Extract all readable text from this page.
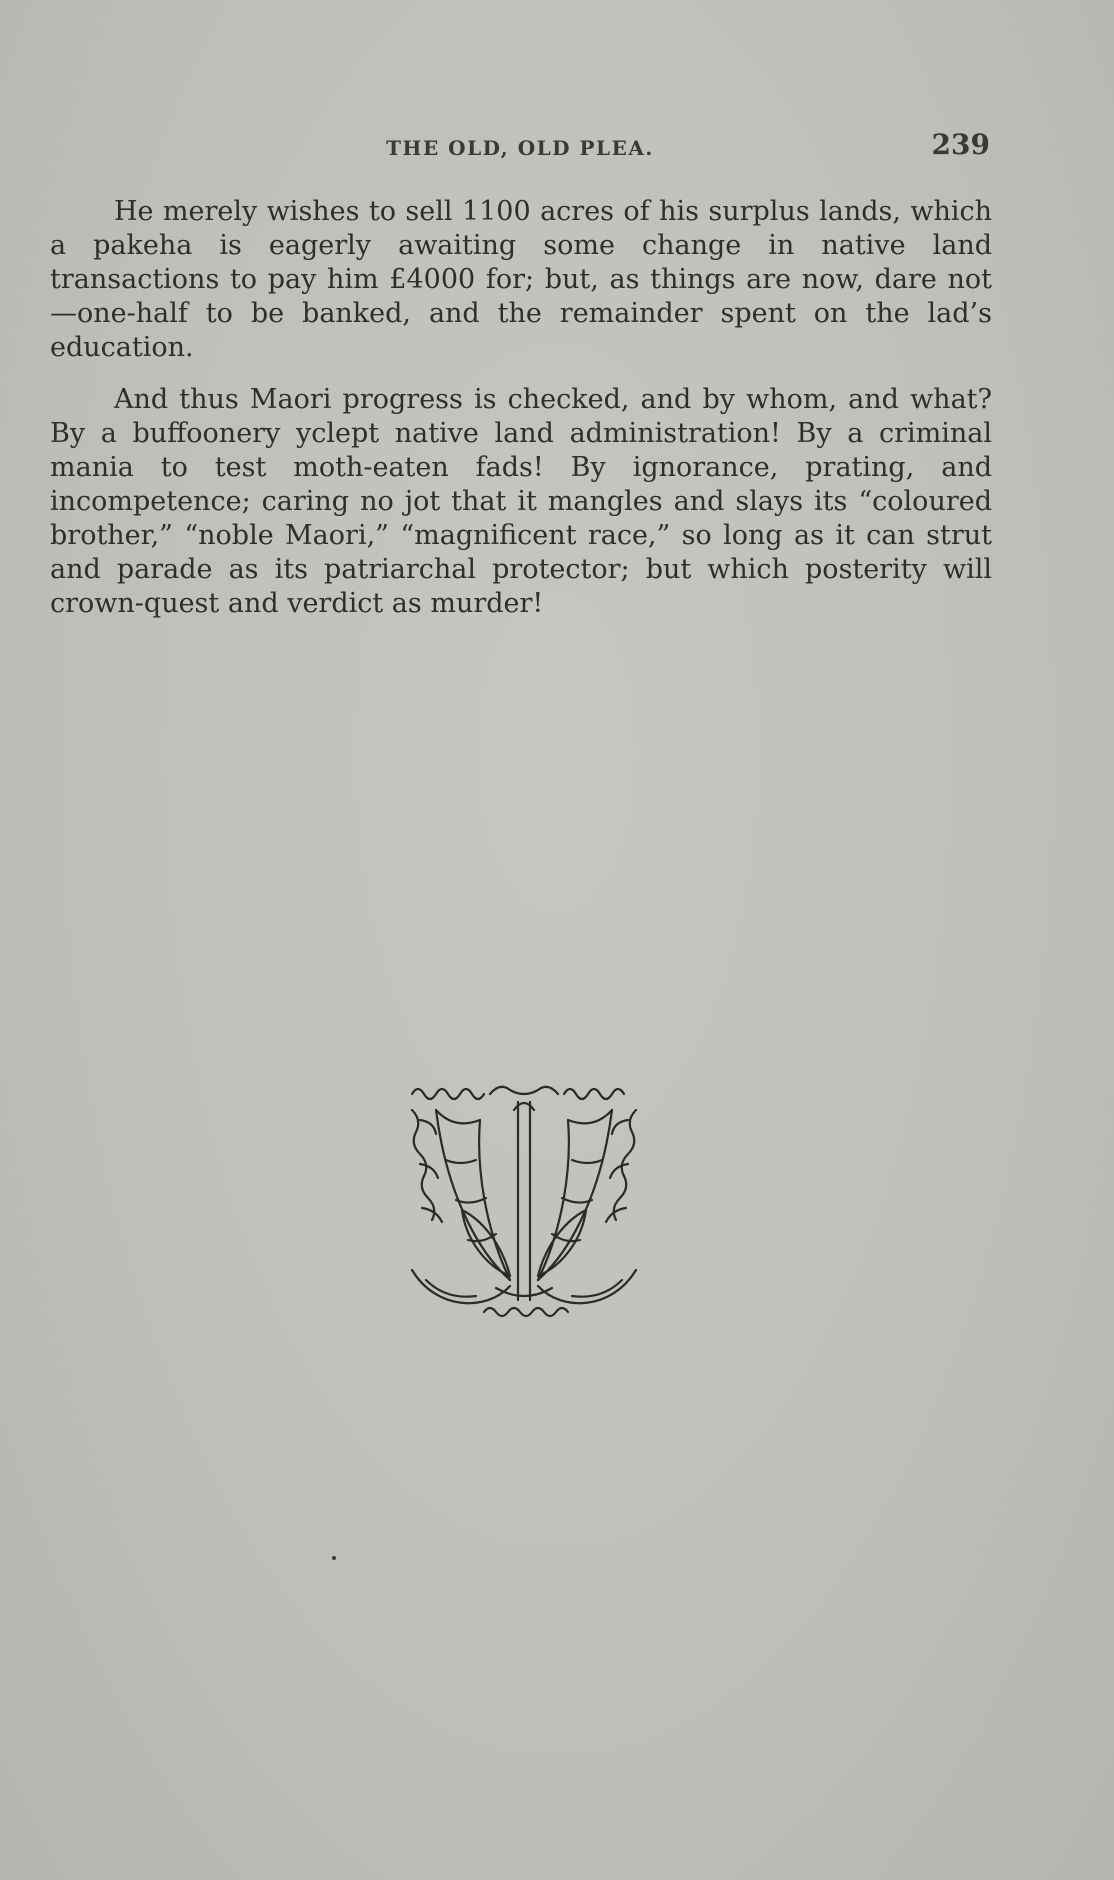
THE OLD, OLD PLEA.	239

He merely wishes to sell 1100 acres of his surplus lands, which a pakeha is eagerly awaiting some change in native land transactions to pay him £4000 for; but, as things are now, dare not—one-half to be banked, and the remainder spent on the lad’s education.

And thus Maori progress is checked, and by whom, and what? By a buffoonery yclept native land administration! By a criminal mania to test moth-eaten fads! By ignorance, prating, and incompetence; caring no jot that it mangles and slays its “coloured brother,” “noble Maori,” “magnificent race,” so long as it can strut and parade as its patriarchal protector; but which posterity will crown-quest and verdict as murder!
